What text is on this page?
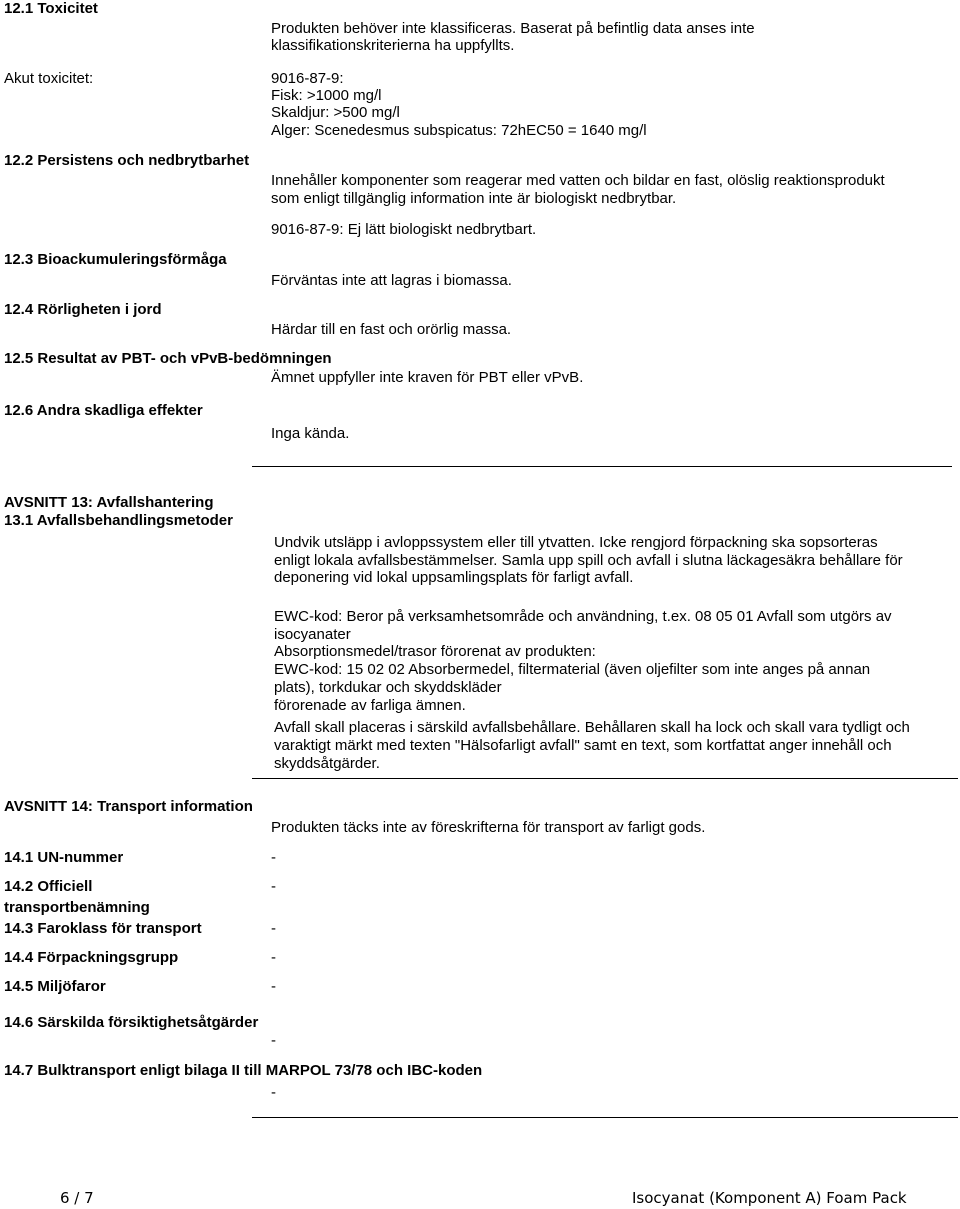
12.1 Toxicitet
Produkten behöver inte klassificeras. Baserat på befintlig data anses inte
klassifikationskriterierna ha uppfyllts.
Akut toxicitet:	9016-87-9:
Fisk: >1000 mg/l
Skaldjur: >500 mg/l
Alger: Scenedesmus subspicatus: 72hEC50 = 1640 mg/l
12.2 Persistens och nedbrytbarhet
Innehåller komponenter som reagerar med vatten och bildar en fast, olöslig reaktionsprodukt
som enligt tillgänglig information inte är biologiskt nedbrytbar.
9016-87-9: Ej lätt biologiskt nedbrytbart.
12.3 Bioackumuleringsförmåga
Förväntas inte att lagras i biomassa.
12.4 Rörligheten i jord
Härdar till en fast och orörlig massa.
12.5 Resultat av PBT- och vPvB-bedömningen
Ämnet uppfyller inte kraven för PBT eller vPvB.
12.6 Andra skadliga effekter
Inga kända.
AVSNITT 13: Avfallshantering
13.1 Avfallsbehandlingsmetoder
Undvik utsläpp i avloppssystem eller till ytvatten. Icke rengjord förpackning ska sopsorteras
enligt lokala avfallsbestämmelser. Samla upp spill och avfall i slutna läckagesäkra behållare för
deponering vid lokal uppsamlingsplats för farligt avfall.
EWC-kod: Beror på verksamhetsområde och användning, t.ex. 08 05 01 Avfall som utgörs av
isocyanater
Absorptionsmedel/trasor förorenat av produkten:
EWC-kod: 15 02 02 Absorbermedel, filtermaterial (även oljefilter som inte anges på annan
plats), torkdukar och skyddskläder
förorenade av farliga ämnen.
Avfall skall placeras i särskild avfallsbehållare. Behållaren skall ha lock och skall vara tydligt och
varaktigt märkt med texten "Hälsofarligt avfall" samt en text, som kortfattat anger innehåll och
skyddsåtgärder.
AVSNITT 14: Transport information
Produkten täcks inte av föreskrifterna för transport av farligt gods.
14.1 UN-nummer	-
14.2 Officiell
transportbenämning
-
14.3 Faroklass för transport	-
14.4 Förpackningsgrupp	-
14.5 Miljöfaror	-
14.6 Särskilda försiktighetsåtgärder
-
14.7 Bulktransport enligt bilaga II till MARPOL 73/78 och IBC-koden
-
6 / 7	Isocyanat (Komponent A) Foam Pack
